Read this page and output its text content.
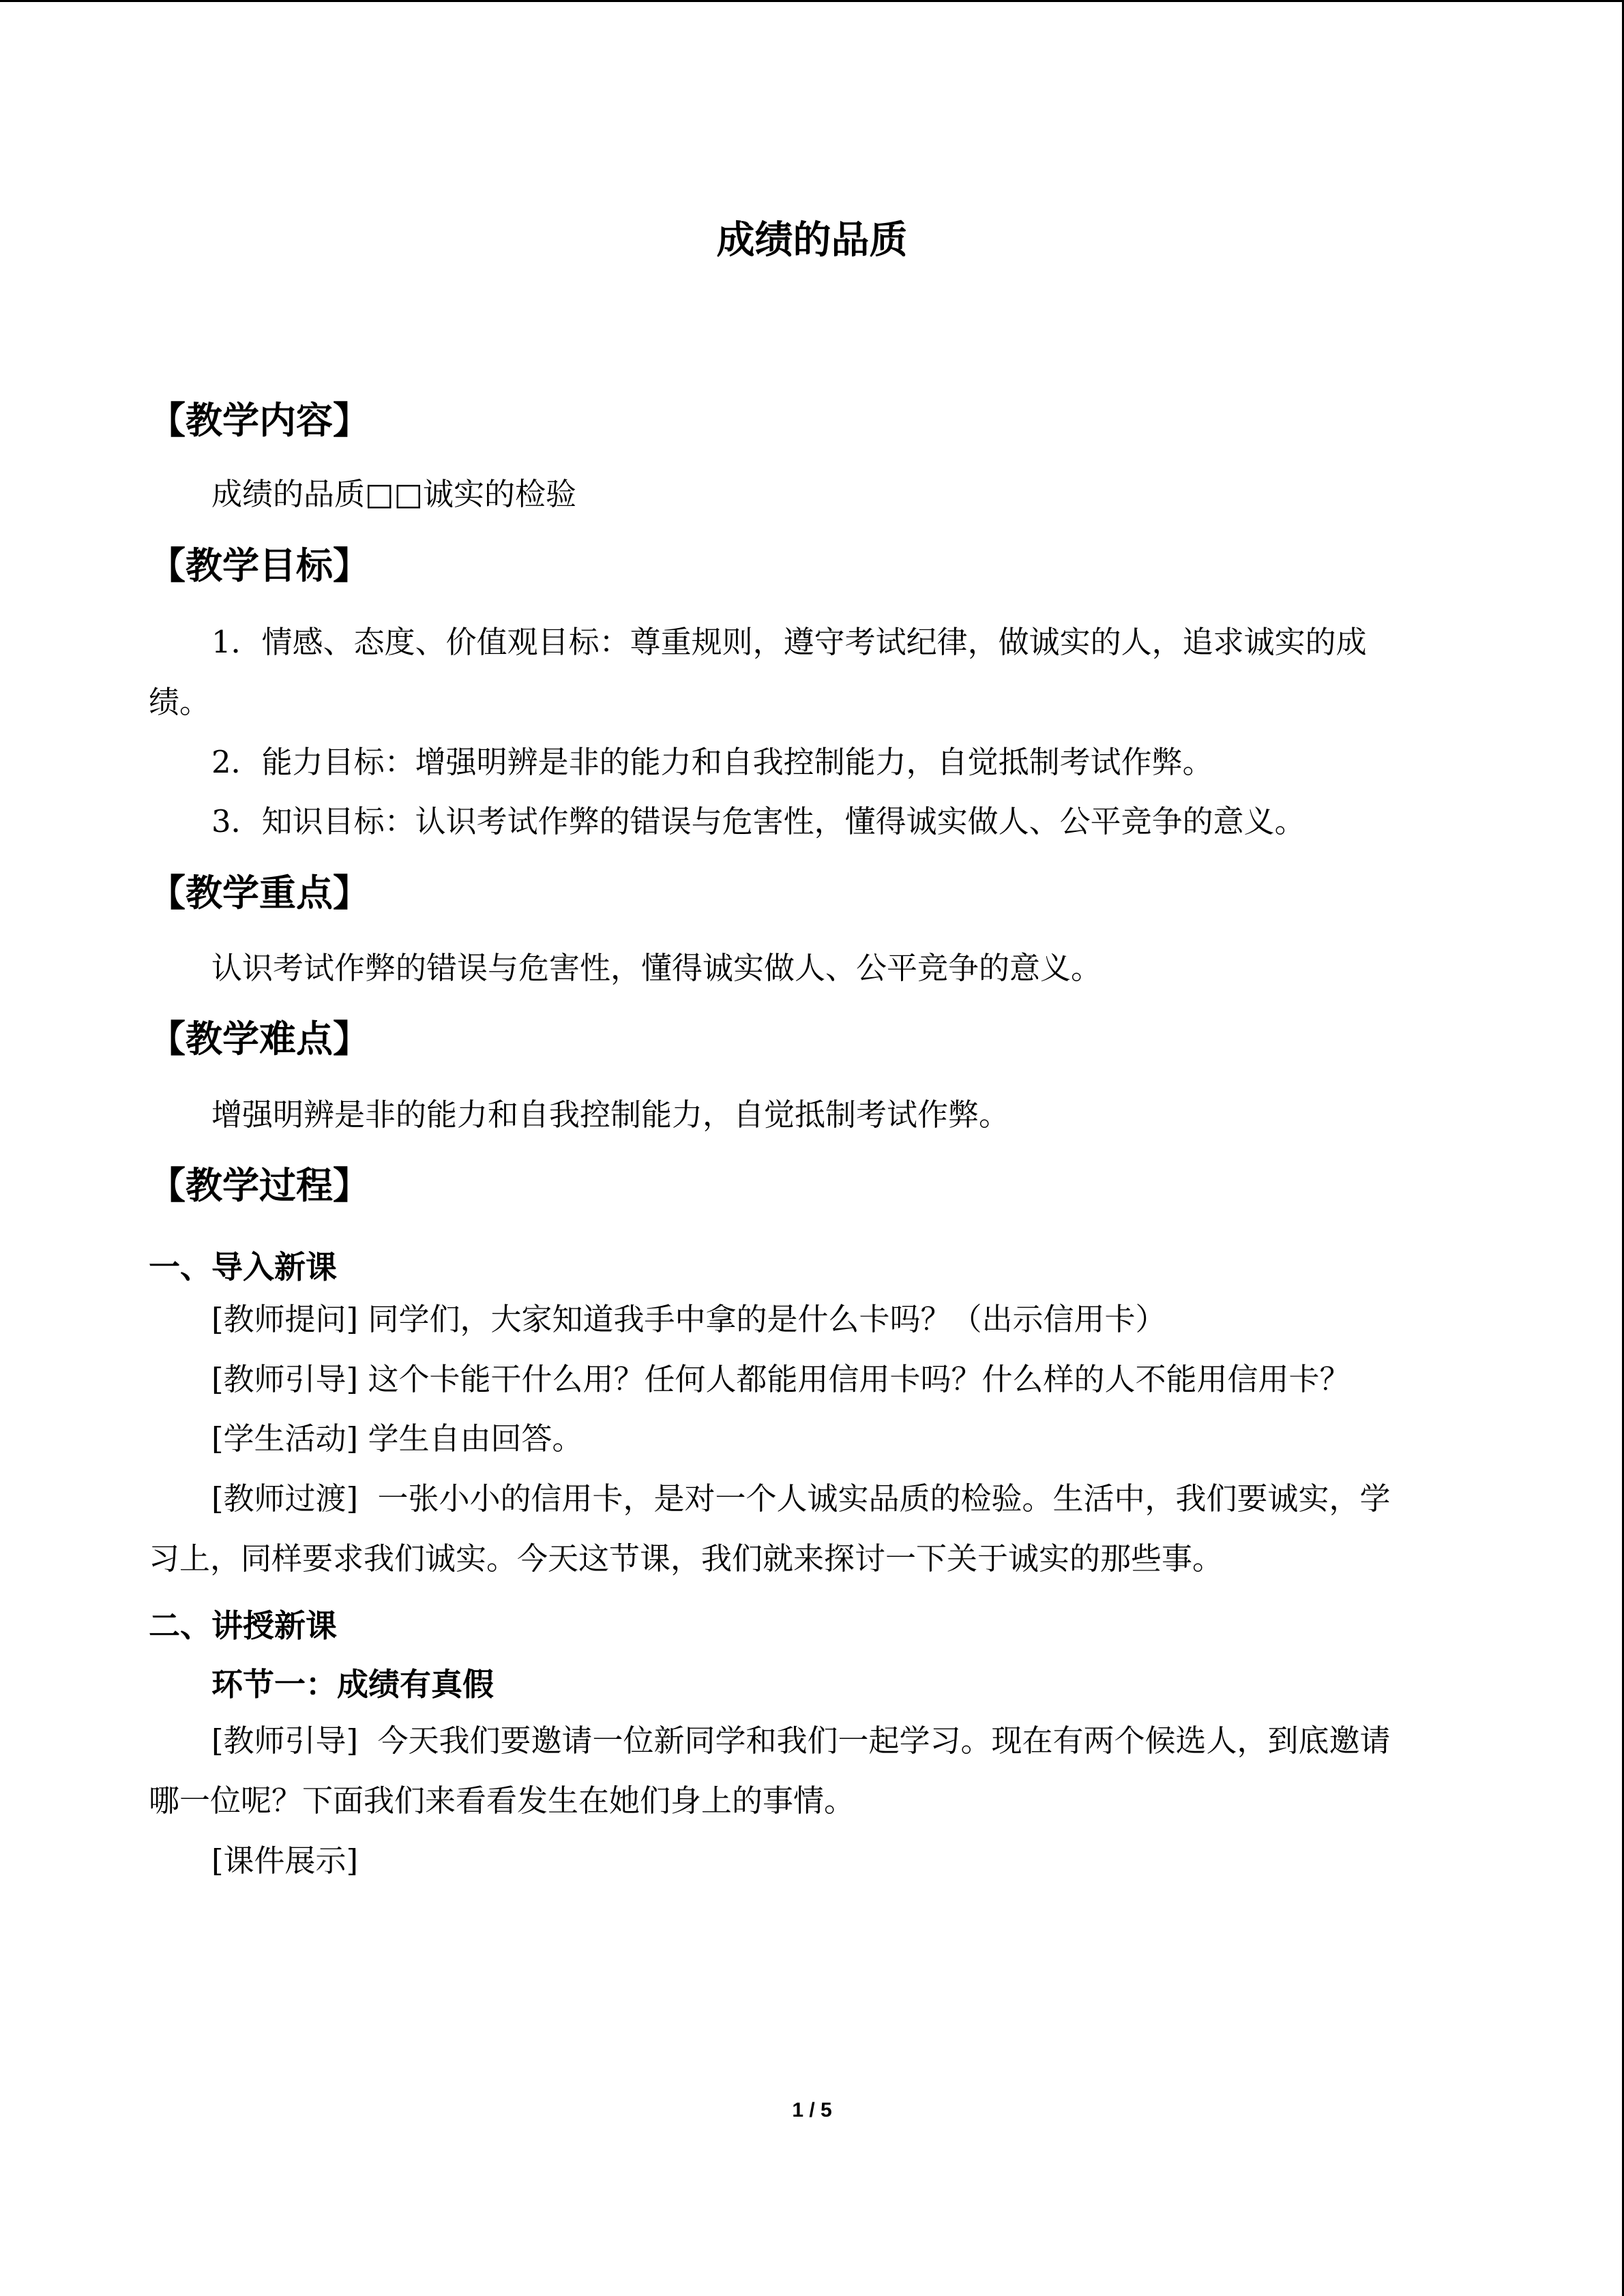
成绩的品质
【教学内容】
成绩的品质□□诚实的检验
【教学目标】
1．情感、态度、价值观目标：尊重规则，遵守考试纪律，做诚实的人，追求诚实的成
绩。
2．能力目标：增强明辨是非的能力和自我控制能力，自觉抵制考试作弊。
3．知识目标：认识考试作弊的错误与危害性，懂得诚实做人、公平竞争的意义。
【教学重点】
认识考试作弊的错误与危害性，懂得诚实做人、公平竞争的意义。
【教学难点】
增强明辨是非的能力和自我控制能力，自觉抵制考试作弊。
【教学过程】
一、导入新课
[教师提问] 同学们，大家知道我手中拿的是什么卡吗？（出示信用卡）
[教师引导] 这个卡能干什么用？任何人都能用信用卡吗？什么样的人不能用信用卡？
[学生活动] 学生自由回答。
[教师过渡] 一张小小的信用卡，是对一个人诚实品质的检验。生活中，我们要诚实，学
习上，同样要求我们诚实。今天这节课，我们就来探讨一下关于诚实的那些事。
二、讲授新课
环节一：成绩有真假
[教师引导] 今天我们要邀请一位新同学和我们一起学习。现在有两个候选人，到底邀请
哪一位呢？下面我们来看看发生在她们身上的事情。
[课件展示]
1 / 5
